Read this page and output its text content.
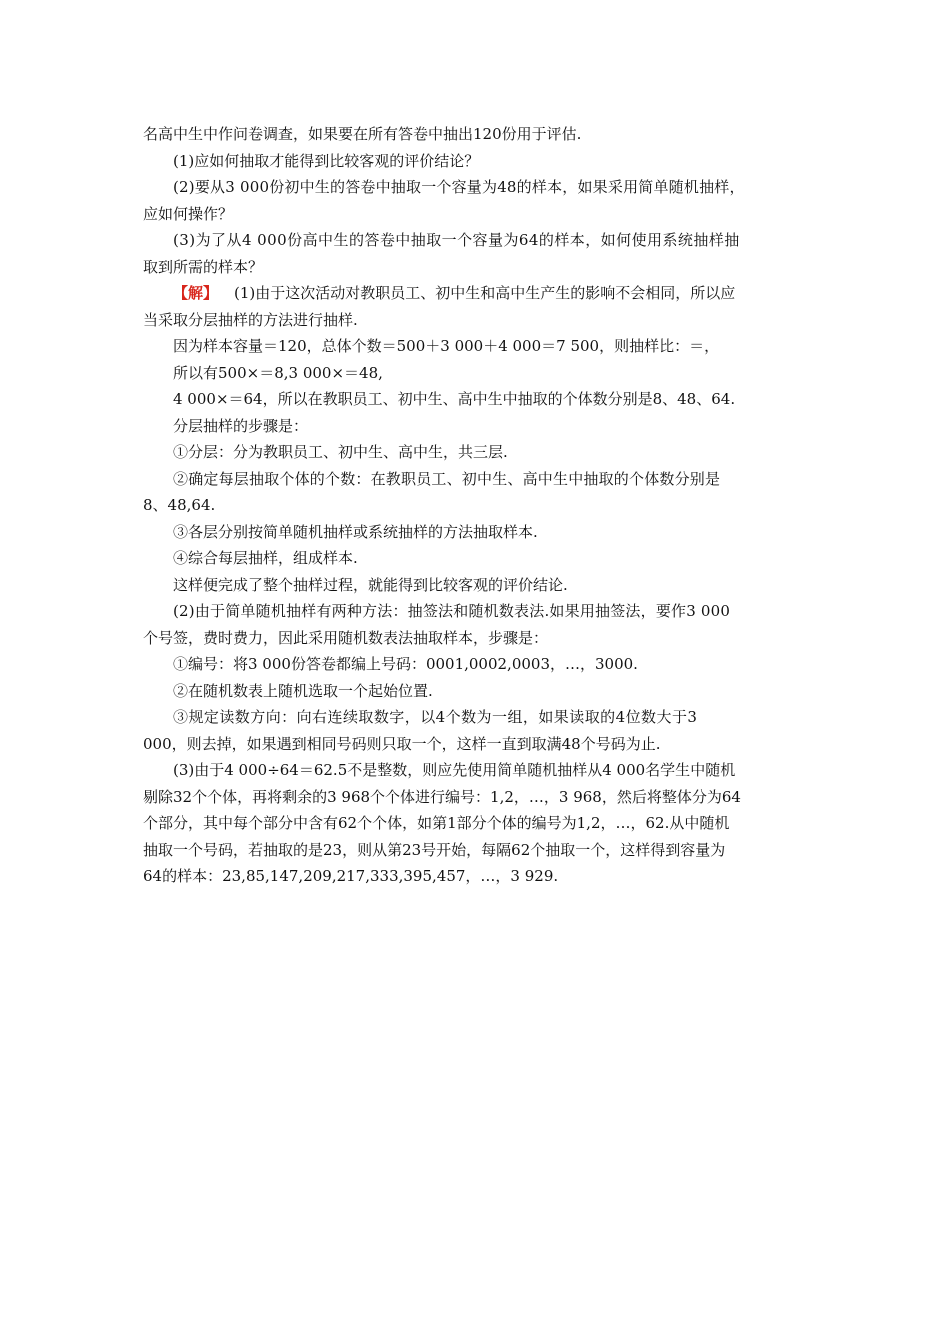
名高中生中作问卷调查，如果要在所有答卷中抽出120份用于评估.
(1)应如何抽取才能得到比较客观的评价结论？
(2)要从3 000份初中生的答卷中抽取一个容量为48的样本，如果采用简单随机抽样，
应如何操作？
(3)为了从4 000份高中生的答卷中抽取一个容量为64的样本，如何使用系统抽样抽
取到所需的样本？
【解】 (1)由于这次活动对教职员工、初中生和高中生产生的影响不会相同，所以应
当采取分层抽样的方法进行抽样.
因为样本容量＝120，总体个数＝500＋3 000＋4 000＝7 500，则抽样比：＝，
所以有500×＝8,3 000×＝48,
4 000×＝64，所以在教职员工、初中生、高中生中抽取的个体数分别是8、48、64.
分层抽样的步骤是：
①分层：分为教职员工、初中生、高中生，共三层.
②确定每层抽取个体的个数：在教职员工、初中生、高中生中抽取的个体数分别是
8、48,64.
③各层分别按简单随机抽样或系统抽样的方法抽取样本.
④综合每层抽样，组成样本.
这样便完成了整个抽样过程，就能得到比较客观的评价结论.
(2)由于简单随机抽样有两种方法：抽签法和随机数表法.如果用抽签法，要作3 000
个号签，费时费力，因此采用随机数表法抽取样本，步骤是：
①编号：将3 000份答卷都编上号码：0001,0002,0003，…，3000.
②在随机数表上随机选取一个起始位置.
③规定读数方向：向右连续取数字，以4个数为一组，如果读取的4位数大于3
000，则去掉，如果遇到相同号码则只取一个，这样一直到取满48个号码为止.
(3)由于4 000÷64＝62.5不是整数，则应先使用简单随机抽样从4 000名学生中随机
剔除32个个体，再将剩余的3 968个个体进行编号：1,2，…，3 968，然后将整体分为64
个部分，其中每个部分中含有62个个体，如第1部分个体的编号为1,2，…，62.从中随机
抽取一个号码，若抽取的是23，则从第23号开始，每隔62个抽取一个，这样得到容量为
64的样本：23,85,147,209,217,333,395,457，…，3 929.
